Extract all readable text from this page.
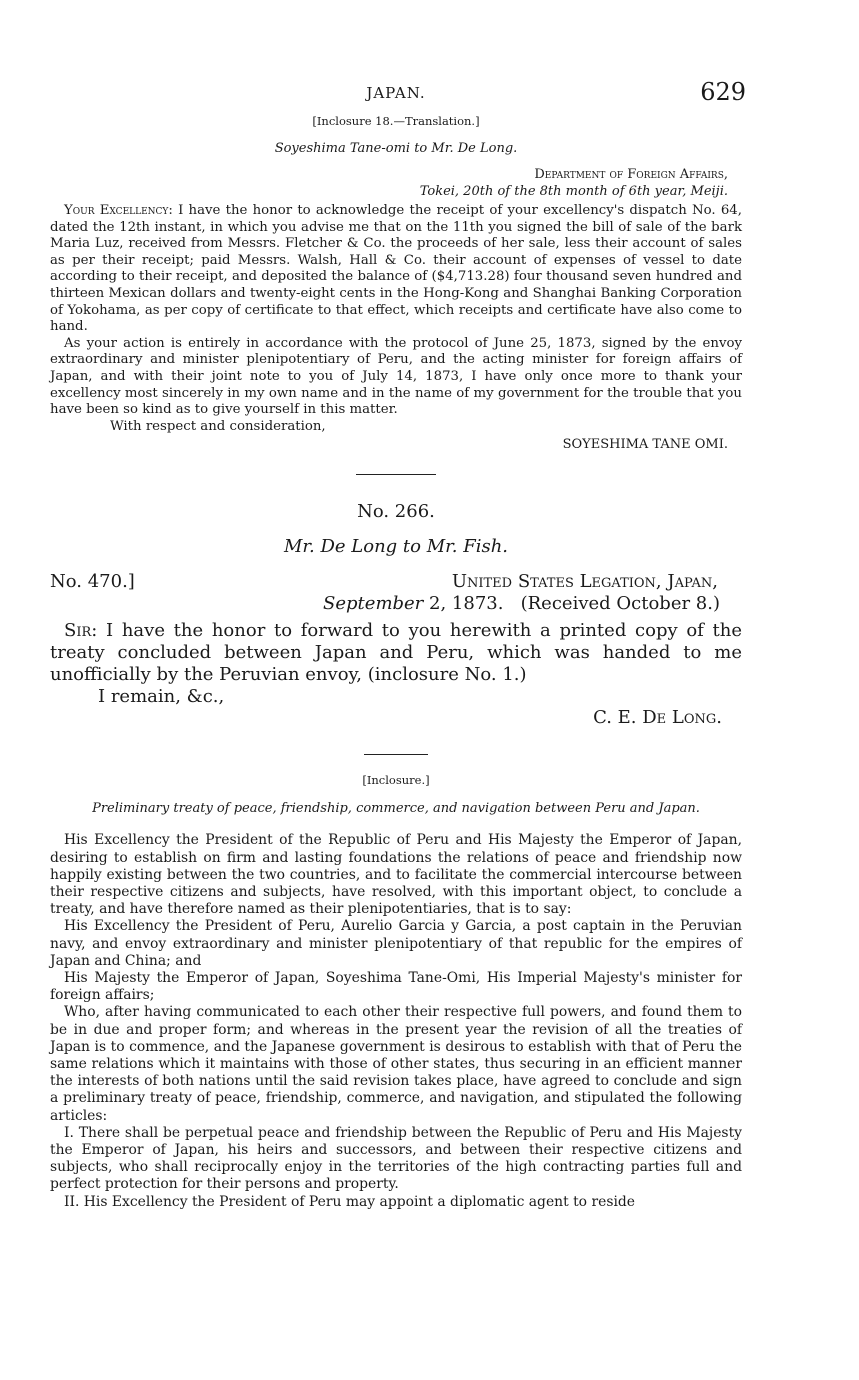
JAPAN.	629
[Inclosure 18.—Translation.]
Soyeshima Tane-omi to Mr. De Long.
Department of Foreign Affairs,
Tokei, 20th of the 8th month of 6th year, Meiji.

Your Excellency: I have the honor to acknowledge the receipt of your excellency's dispatch No. 64, dated the 12th instant, in which you advise me that on the 11th you signed the bill of sale of the bark Maria Luz, received from Messrs. Fletcher & Co. the proceeds of her sale, less their account of sales as per their receipt; paid Messrs. Walsh, Hall & Co. their account of expenses of vessel to date according to their receipt, and deposited the balance of ($4,713.28) four thousand seven hundred and thirteen Mexican dollars and twenty-eight cents in the Hong-Kong and Shanghai Banking Corporation of Yokohama, as per copy of certificate to that effect, which receipts and certificate have also come to hand.

As your action is entirely in accordance with the protocol of June 25, 1873, signed by the envoy extraordinary and minister plenipotentiary of Peru, and the acting minister for foreign affairs of Japan, and with their joint note to you of July 14, 1873, I have only once more to thank your excellency most sincerely in my own name and in the name of my government for the trouble that you have been so kind as to give yourself in this matter.

With respect and consideration,

SOYESHIMA TANE OMI.
No. 266.
Mr. De Long to Mr. Fish.
No. 470.]	United States Legation, Japan,
September 2, 1873.   (Received October 8.)

Sir: I have the honor to forward to you herewith a printed copy of the treaty concluded between Japan and Peru, which was handed to me unofficially by the Peruvian envoy, (inclosure No. 1.)

I remain, &c.,
C. E. De Long.
[Inclosure.]
Preliminary treaty of peace, friendship, commerce, and navigation between Peru and Japan.

His Excellency the President of the Republic of Peru and His Majesty the Emperor of Japan, desiring to establish on firm and lasting foundations the relations of peace and friendship now happily existing between the two countries, and to facilitate the commercial intercourse between their respective citizens and subjects, have resolved, with this important object, to conclude a treaty, and have therefore named as their plenipotentiaries, that is to say:

His Excellency the President of Peru, Aurelio Garcia y Garcia, a post captain in the Peruvian navy, and envoy extraordinary and minister plenipotentiary of that republic for the empires of Japan and China; and

His Majesty the Emperor of Japan, Soyeshima Tane-Omi, His Imperial Majesty's minister for foreign affairs;

Who, after having communicated to each other their respective full powers, and found them to be in due and proper form; and whereas in the present year the revision of all the treaties of Japan is to commence, and the Japanese government is desirous to establish with that of Peru the same relations which it maintains with those of other states, thus securing in an efficient manner the interests of both nations until the said revision takes place, have agreed to conclude and sign a preliminary treaty of peace, friendship, commerce, and navigation, and stipulated the following articles:

I. There shall be perpetual peace and friendship between the Republic of Peru and His Majesty the Emperor of Japan, his heirs and successors, and between their respective citizens and subjects, who shall reciprocally enjoy in the territories of the high contracting parties full and perfect protection for their persons and property.

II. His Excellency the President of Peru may appoint a diplomatic agent to reside
